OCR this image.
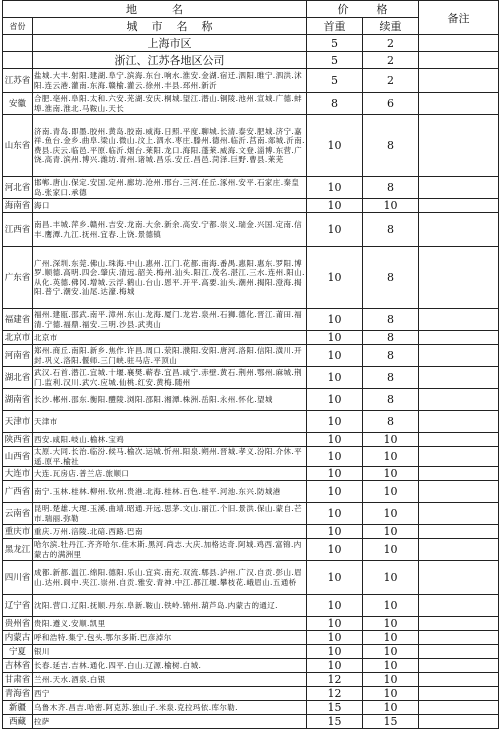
地          名		价        格		备注
省份	城    市    名    称	首重	续重	
	上海市区	5	2	
	浙江、江苏各地区公司	5	2	
江苏省	盐城.大丰.射阳.建湖.阜宁.滨海.东台.响水.淮安.金湖.宿迁.泗阳.睢宁.泗洪.沭阳.连云港.灌南.东海.赣榆.灌云.徐州.丰县.邳州.新沂	5	2	
安徽	合肥.亳州.阜阳.太和.六安.芜湖.安庆.桐城.望江.潜山.铜陵.池州.宣城.广德.蚌埠.淮南.淮北.马鞍山.天长	8	6	
山东省	济南.青岛.即墨.胶州.黄岛.胶南.威海.日照.平度.聊城.长清.泰安.肥城.济宁.嘉祥.鱼台.金乡.曲阜.梁山.微山.汶上.泗水.枣庄.滕州.德州.临沂.莒南.郯城.沂南.费县.庆云.临邑.平原.临沂.烟台.莱阳.龙口.海阳.蓬莱.威海.文登.淄博.东营.广饶.高青.滨州.博兴.潍坊.青州.诸城.昌乐.安丘.昌邑.菏泽.巨野.曹县.莱芜	10	8	
河北省	邯郸.唐山.保定.安国.定州.廊坊.沧州.邢台.三河.任丘.涿州.安平.石家庄.秦皇岛.张家口.承德	10	8	
海南省	海口	10	10	
江西省	南昌.丰城.萍乡.赣州.吉安.龙南.大余.新余.高安.宁都.崇义.瑞金.兴国.定南.信丰.鹰潭.九江.抚州.宜春.上饶.景德镇	10	8	
广东省	广州.深圳.东莞.佛山.珠海.中山.惠州.江门.花都.南海.番禺.惠阳.惠东.罗阳.博罗.顺德.高明.四会.肇庆.清远.韶关.梅州.汕头.阳江.茂名.湛江.三水.连州.阳山.从化.英德.佛冈.增城.云浮.鹤山.台山.恩平.开平.高要.汕头.潮州.揭阳.澄海.揭阳.普宁.潮安.汕尾.达濠.梅城	10	8	
福建省	福州.建瓯.邵武.南平.漳州.东山.龙海.厦门.龙岩.泉州.石狮.德化.晋江.莆田.福清.宁德.福鼎.福安.三明.沙县.武夷山	10	8	
北京市	北京市	10	8	
河南省	郑州.商丘.南阳.新乡.焦作.许昌.周口.荥阳.濮阳.安阳.唐河.洛阳.信阳.潢川.开封.巩义.洛阳.偃师.三门峡.驻马店.平顶山	10	8	
湖北省	武汉.石首.潜江.宜城.十堰.襄樊.蕲春.宜昌.咸宁.赤壁.黄石.荆州.鄂州.麻城.荆门.监利.汉川.武穴.应城.仙桃.红安.黄梅.随州	10	8	
湖南省	长沙.郴州.邵东.衡阳.醴陵.浏阳.邵阳.湘潭.株洲.岳阳.永州.怀化.望城	10	8	
天津市	天津市	10	8	
陕西省	西安.咸阳.岐山.榆林.宝鸡	10	10	
山西省	太原.大同.长治.临汾.候马.榆次.运城.忻州.阳泉.朔州.晋城.孝义.汾阳.介休.平遥.原平.榆社	10	10	
大连市	大连.瓦房店.普兰店.旅顺口	10	10	
广西省	南宁.玉林.桂林.柳州.钦州.贵港.北海.桂林.百色.桂平.河池.东兴.防城港	10	10	
云南省	昆明.楚雄.大理.玉溪.曲靖.昭通.开远.思茅.文山.丽江.个旧.景洪.保山.蒙自.芒市.瑞丽.弥勒	10	10	
重庆市	重庆.万州.涪陵.北碚.西路.巴南	10	10	
黑龙江	哈尔滨.牡丹江.齐齐哈尔.佳木斯.黑河.尚志.大庆.加格达奇.阿城.鸡西.富锦.内蒙古的满洲里	10	10	
四川省	成都.新都.温江.绵阳.德阳.乐山.宜宾.南充.双流.郫县.泸州.广汉.自贡.彭山.眉山.达州.阆中.夹江.崇州.自贡.雅安.青神.中江.都江堰.攀枝花.峨眉山.五通桥	10	10	
辽宁省	沈阳.营口.辽阳.抚顺.丹东.阜新.鞍山.铁岭.锦州.葫芦岛.内蒙古的通辽.	10	10	
贵州省	贵阳.遵义.安顺.凯里	10	10	
内蒙古	呼和浩特.集宁.包头.鄂尔多斯.巴彦淖尔	10	10	
宁夏	银川	10	10	
吉林省	长春.延吉.吉林.通化.四平.白山.辽源.榆树.白城.	10	10	
甘肃省	兰州.天水.酒泉.白银	12	10	
青海省	西宁	12	10	
新疆	乌鲁木齐.昌吉.哈密.阿克苏.独山子.米泉.克拉玛依.库尔勒.	15	10	
西藏	拉萨	15	15	
